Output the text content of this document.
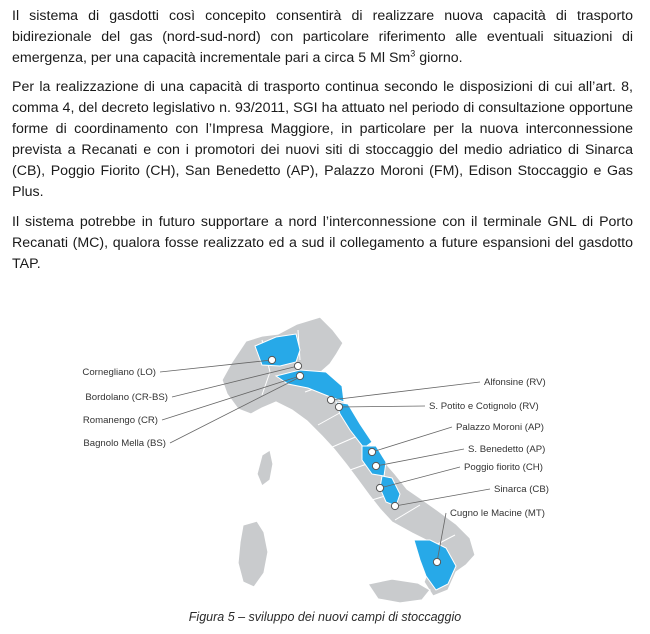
Il sistema di gasdotti così concepito consentirà di realizzare nuova capacità di trasporto bidirezionale del gas (nord-sud-nord) con particolare riferimento alle eventuali situazioni di emergenza, per una capacità incrementale pari a circa 5 Ml Sm$^3$ giorno.

Per la realizzazione di una capacità di trasporto continua secondo le disposizioni di cui all’art. 8, comma 4, del decreto legislativo n. 93/2011, SGI ha attuato nel periodo di consultazione opportune forme di coordinamento con l’Impresa Maggiore, in particolare per la nuova interconnessione prevista a Recanati e con i promotori dei nuovi siti di stoccaggio del medio adriatico di Sinarca (CB), Poggio Fiorito (CH), San Benedetto (AP), Palazzo Moroni (FM), Edison Stoccaggio e Gas Plus.

Il sistema potrebbe in futuro supportare a nord l’interconnessione con il terminale GNL di Porto Recanati (MC), qualora fosse realizzato ed a sud il collegamento a future espansioni del gasdotto TAP.

Cornegliano (LO)
Bordolano (CR-BS)
Romanengo (CR)
Bagnolo Mella (BS)
Alfonsine (RV)
S. Potito e Cotignolo (RV)
Palazzo Moroni (AP)
S. Benedetto (AP)
Poggio fiorito (CH)
Sinarca (CB)
Cugno le Macine (MT)
Figura 5 – sviluppo dei nuovi campi di stoccaggio
